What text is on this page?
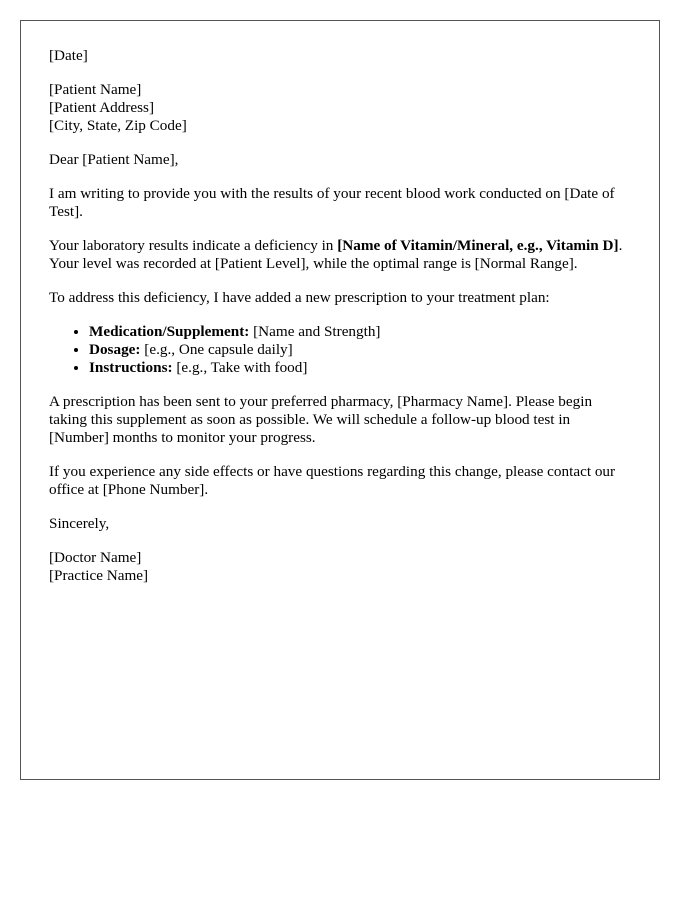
[Date]

[Patient Name]
[Patient Address]
[City, State, Zip Code]

Dear [Patient Name],

I am writing to provide you with the results of your recent blood work conducted on [Date of Test].

Your laboratory results indicate a deficiency in [Name of Vitamin/Mineral, e.g., Vitamin D]. Your level was recorded at [Patient Level], while the optimal range is [Normal Range].

To address this deficiency, I have added a new prescription to your treatment plan:

• Medication/Supplement: [Name and Strength]
• Dosage: [e.g., One capsule daily]
• Instructions: [e.g., Take with food]

A prescription has been sent to your preferred pharmacy, [Pharmacy Name]. Please begin taking this supplement as soon as possible. We will schedule a follow-up blood test in [Number] months to monitor your progress.

If you experience any side effects or have questions regarding this change, please contact our office at [Phone Number].

Sincerely,

[Doctor Name]
[Practice Name]
